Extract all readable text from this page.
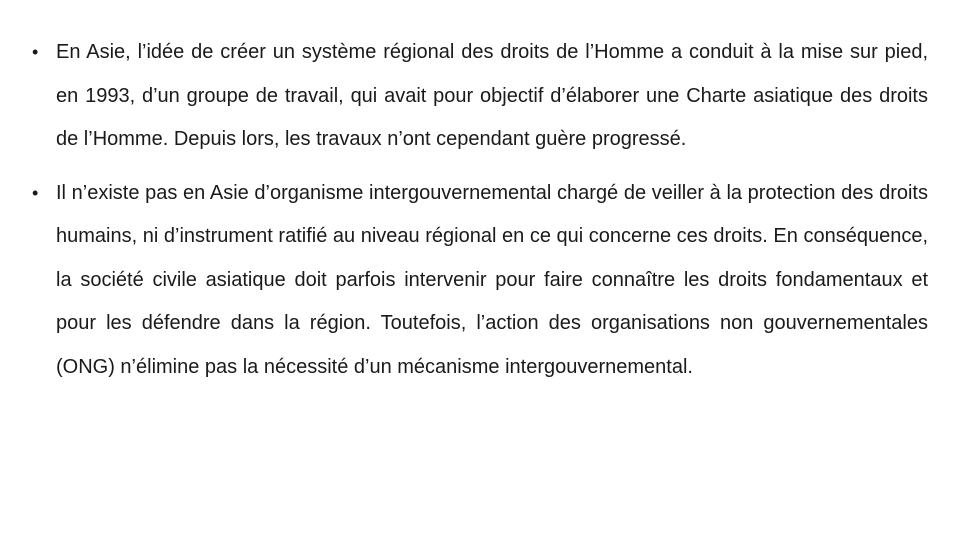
• En Asie, l’idée de créer un système régional des droits de l’Homme a conduit à la mise sur pied, en 1993, d’un groupe de travail, qui avait pour objectif d’élaborer une Charte asiatique des droits de l’Homme. Depuis lors, les travaux n’ont cependant guère progressé.
• Il n’existe pas en Asie d’organisme intergouvernemental chargé de veiller à la protection des droits humains, ni d’instrument ratifié au niveau régional en ce qui concerne ces droits. En conséquence, la société civile asiatique doit parfois intervenir pour faire connaître les droits fondamentaux et pour les défendre dans la région. Toutefois, l’action des organisations non gouvernementales (ONG) n’élimine pas la nécessité d’un mécanisme intergouvernemental.
